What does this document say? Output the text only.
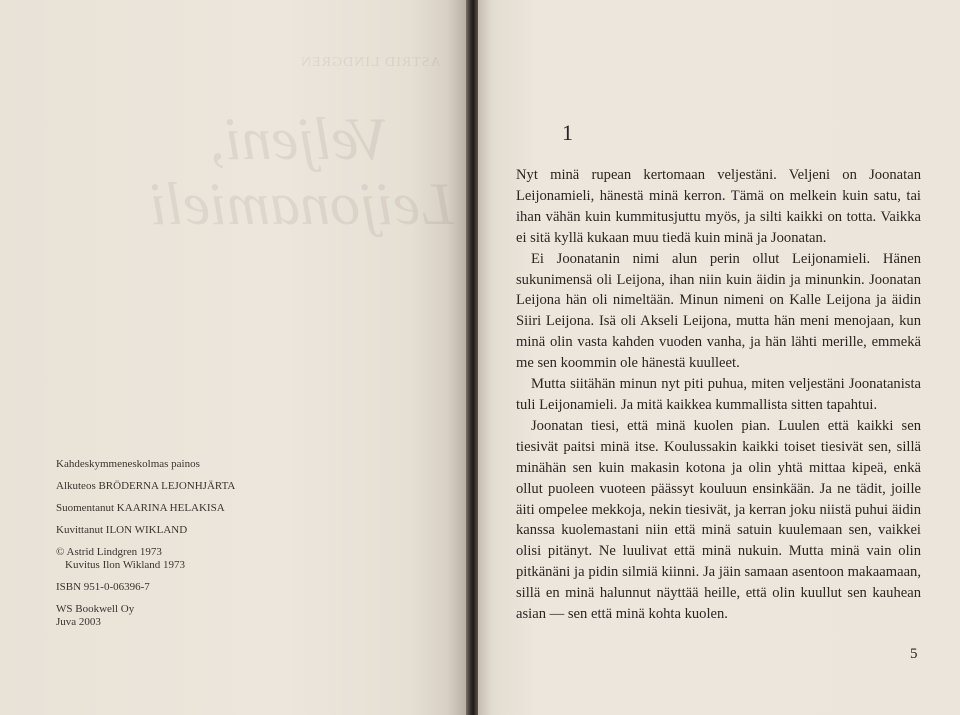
ASTRID LINDGREN
Veljeni,
Leijonamieli
Kahdeskymmeneskolmas painos
Alkuteos BRÖDERNA LEJONHJÄRTA
Suomentanut KAARINA HELAKISA
Kuvittanut ILON WIKLAND
© Astrid Lindgren 1973
Kuvitus Ilon Wikland 1973
ISBN 951-0-06396-7
WS Bookwell Oy
Juva 2003
1

Nyt minä rupean kertomaan veljestäni. Veljeni on Joonatan Leijonamieli, hänestä minä kerron. Tämä on melkein kuin satu, tai ihan vähän kuin kummitusjuttu myös, ja silti kaikki on totta. Vaikka ei sitä kyllä kukaan muu tiedä kuin minä ja Joonatan.

Ei Joonatanin nimi alun perin ollut Leijonamieli. Hänen sukunimensä oli Leijona, ihan niin kuin äidin ja minunkin. Joonatan Leijona hän oli nimeltään. Minun nimeni on Kalle Leijona ja äidin Siiri Leijona. Isä oli Akseli Leijona, mutta hän meni menojaan, kun minä olin vasta kahden vuoden vanha, ja hän lähti merille, emmekä me sen koommin ole hänestä kuulleet.

Mutta siitähän minun nyt piti puhua, miten veljestäni Joonatanista tuli Leijonamieli. Ja mitä kaikkea kummallista sitten tapahtui.

Joonatan tiesi, että minä kuolen pian. Luulen että kaikki sen tiesivät paitsi minä itse. Koulussakin kaikki toiset tiesivät sen, sillä minähän sen kuin makasin kotona ja olin yhtä mittaa kipeä, enkä ollut puoleen vuoteen päässyt kouluun ensinkään. Ja ne tädit, joille äiti ompelee mekkoja, nekin tiesivät, ja kerran joku niistä puhui äidin kanssa kuolemastani niin että minä satuin kuulemaan sen, vaikkei olisi pitänyt. Ne luulivat että minä nukuin. Mutta minä vain olin pitkänäni ja pidin silmiä kiinni. Ja jäin samaan asentoon makaamaan, sillä en minä halunnut näyttää heille, että olin kuullut sen kauhean asian — sen että minä kohta kuolen.

5
